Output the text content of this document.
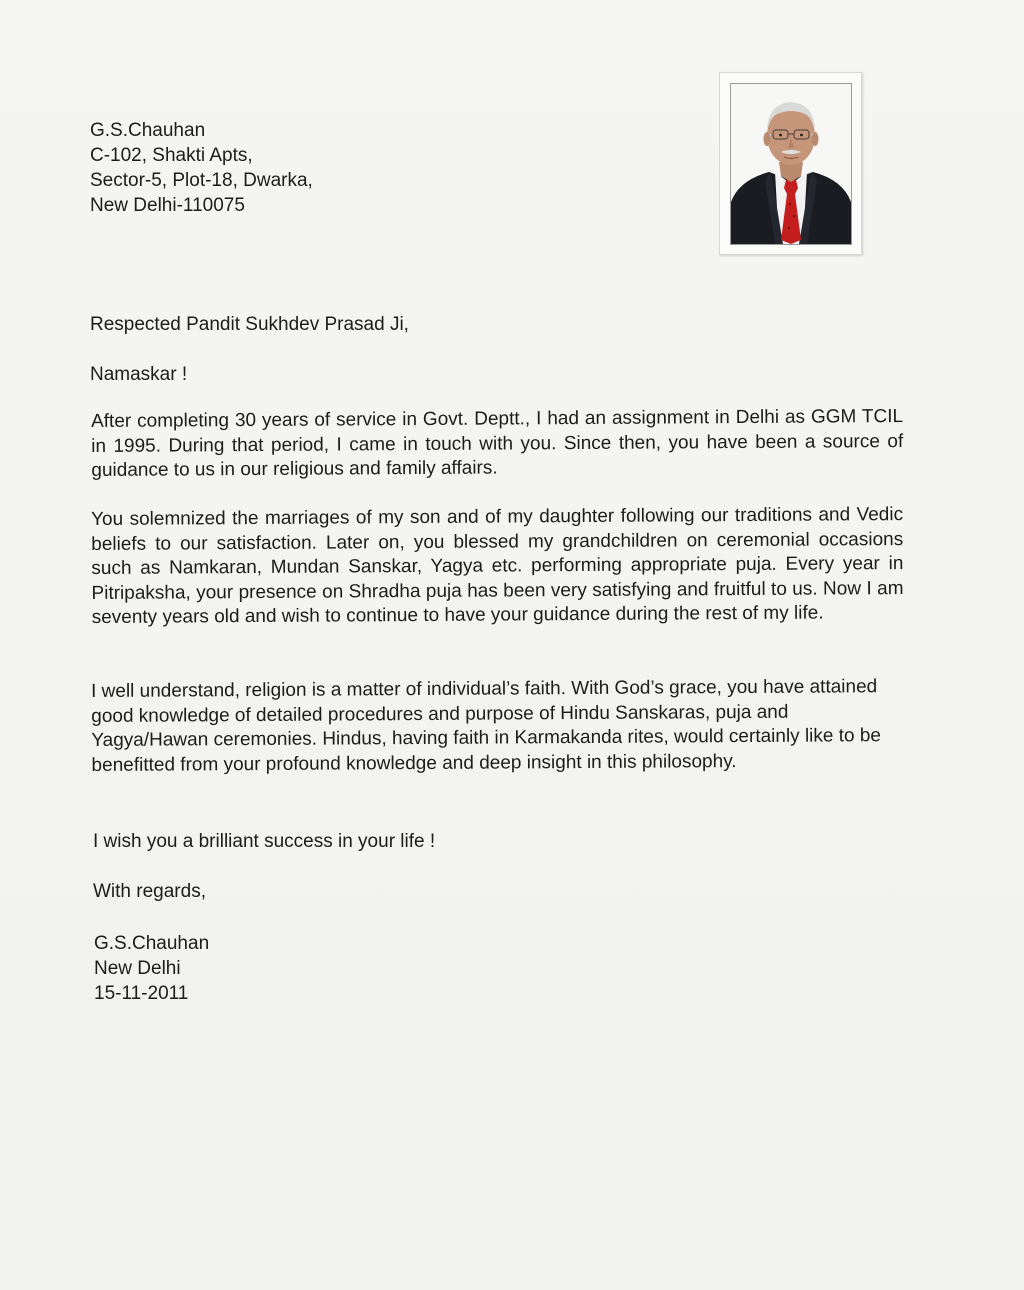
G.S.Chauhan
C-102, Shakti Apts,
Sector-5, Plot-18, Dwarka,
New Delhi-110075
Respected Pandit Sukhdev Prasad Ji,
Namaskar !
After completing 30 years of service in Govt. Deptt., I had an assignment in Delhi as GGM TCIL in 1995. During that period, I came in touch with you. Since then, you have been a source of guidance to us in our religious and family affairs.
You solemnized the marriages of my son and of my daughter following our traditions and Vedic beliefs to our satisfaction. Later on, you blessed my grandchildren on ceremonial occasions such as Namkaran, Mundan Sanskar, Yagya etc. performing appropriate puja. Every year in Pitripaksha, your presence on Shradha puja has been very satisfying and fruitful to us. Now I am seventy years old and wish to continue to have your guidance during the rest of my life.
I well understand, religion is a matter of individual’s faith. With God’s grace, you have attained good knowledge of detailed procedures and purpose of Hindu Sanskaras, puja and Yagya/Hawan ceremonies. Hindus, having faith in Karmakanda rites, would certainly like to be benefitted from your profound knowledge and deep insight in this philosophy.
I wish you a brilliant success in your life !
With regards,
G.S.Chauhan
New Delhi
15-11-2011
